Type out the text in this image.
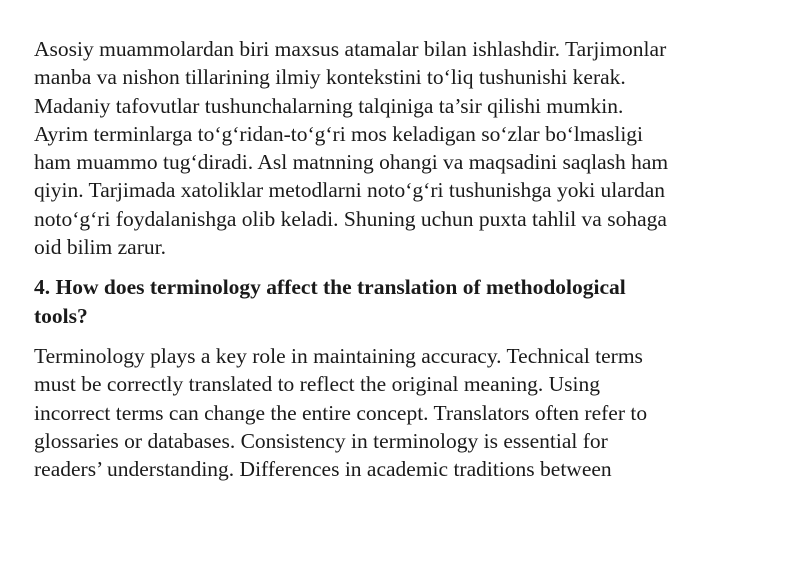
Asosiy muammolardan biri maxsus atamalar bilan ishlashdir. Tarjimonlar
manba va nishon tillarining ilmiy kontekstini to‘liq tushunishi kerak.
Madaniy tafovutlar tushunchalarning talqiniga ta’sir qilishi mumkin.
Ayrim terminlarga to‘g‘ridan-to‘g‘ri mos keladigan so‘zlar bo‘lmasligi
ham muammo tug‘diradi. Asl matnning ohangi va maqsadini saqlash ham
qiyin. Tarjimada xatoliklar metodlarni noto‘g‘ri tushunishga yoki ulardan
noto‘g‘ri foydalanishga olib keladi. Shuning uchun puxta tahlil va sohaga
oid bilim zarur.

4. How does terminology affect the translation of methodological
tools?

Terminology plays a key role in maintaining accuracy. Technical terms
must be correctly translated to reflect the original meaning. Using
incorrect terms can change the entire concept. Translators often refer to
glossaries or databases. Consistency in terminology is essential for
readers’ understanding. Differences in academic traditions between
